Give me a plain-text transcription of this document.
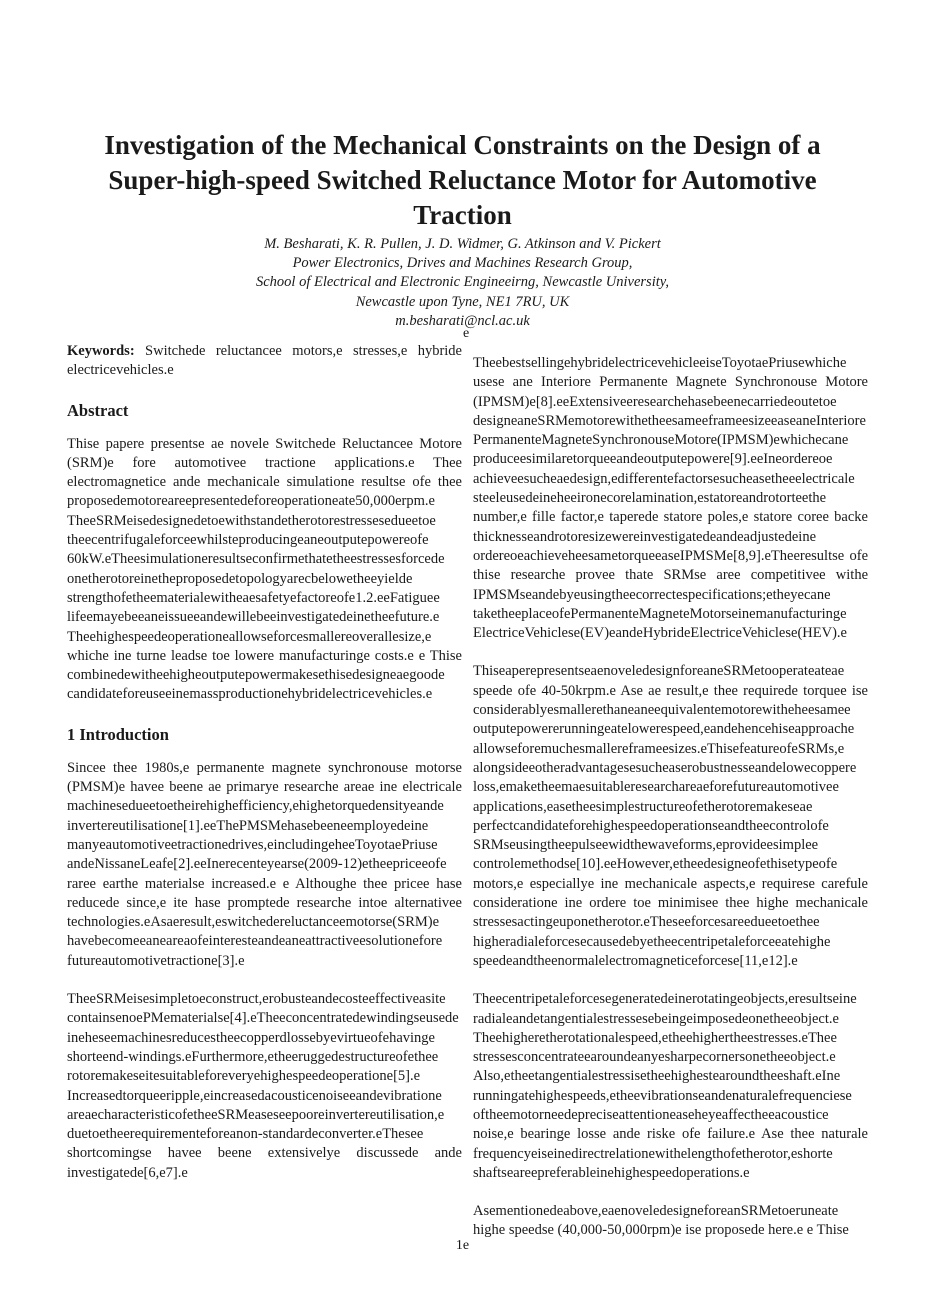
Investigation of the Mechanical Constraints on the Design of a
Super-high-speed Switched Reluctance Motor for Automotive
Traction
M. Besharati, K. R. Pullen, J. D. Widmer, G. Atkinson and V. Pickert
Power Electronics, Drives and Machines Research Group,
School of Electrical and Electronic Engineeirng, Newcastle University,
Newcastle upon Tyne, NE1 7RU, UK
m.besharati@ncl.ac.uk
e

Keywords: Switchede reluctancee motors,e stresses,e hybride electricevehicles.e

Abstract

Thise papere presentse ae novele Switchede Reluctancee Motore (SRM)e fore automotivee tractione applications.e Thee electromagnetice ande mechanicale simulatione resultse ofe thee proposedemotoreareepresentedeforeoperationeate50,000erpm.e TheeSRMeisedesignedetoewithstandetherotorestressesedueetoe theecentrifugaleforceewhilsteproducingeaneoutputepowereofe 60kW.eTheesimulationeresultseconfirmethatetheestressesforcede onetherotoreinetheproposedetopologyarecbelowetheeyielde strengthofetheematerialewitheaesafetyefactoreofe1.2.eeFatiguee lifeemayebeeaneissueeandewillebeeinvestigatedeinetheefuture.e Theehighespeedeoperationeallowseforcesmallereoverallesize,e whiche ine turne leadse toe lowere manufacturinge costs.e e Thise combinedewitheehigheoutputepowermakesethisedesigneaegoode candidateforeuseeinemassproductionehybridelectricevehicles.e

1 Introduction

Sincee thee 1980s,e permanente magnete synchronouse motorse (PMSM)e havee beene ae primarye researche areae ine electricale machinesedueetoetheirehighefficiency,ehighetorquedensityeande invertereutilisatione[1].eeThePMSMehasebeeneemployedeine manyeautomotiveetractionedrives,eincludingeheeToyotaePriuse andeNissaneLeafe[2].eeInerecenteyearse(2009-12)etheepriceeofe raree earthe materialse increased.e e Althoughe thee pricee hase reducede since,e ite hase promptede researche intoe alternativee technologies.eAsaeresult,eswitchedereluctanceemotorse(SRM)e havebecomeeaneareaofeinteresteandeaneattractiveesolutionefore futureautomotivetractione[3].e

TheeSRMeisesimpletoeconstruct,erobusteandecosteeffectiveasite containsenoePMematerialse[4].eTheeconcentratedewindingseusede ineheseemachinesreducestheecopperdlossebyevirtueofehavinge shorteend-windings.eFurthermore,etheeruggedestructureofethee rotoremakeseitesuitableforeveryehighespeedeoperatione[5].e Increasedtorqueeripple,eincreasedacousticenoiseeandevibratione areaecharacteristicofetheeSRMeaseseepooreinvertereutilisation,e duetoetheerequirementeforeanon-standardeconverter.eThesee shortcomingse havee beene extensivelye discussede ande investigatede[6,e7].e

TheebestsellingehybridelectricevehicleeiseToyotaePriusewhiche usese ane Interiore Permanente Magnete Synchronouse Motore (IPMSM)e[8].eeExtensiveeresearchehasebeenecarriedeoutetoe designeaneSRMemotorewithetheesameeframeesizeeaseaneInteriore PermanenteMagneteSynchronouseMotore(IPMSM)ewhichecane produceesimilaretorqueeandeoutputepowere[9].eeIneordereoe achieveesucheaedesign,edifferentefactorsesucheasetheeelectricale steeleusedeineheeironecorelamination,estatoreandrotorteethe number,e fille factor,e taperede statore poles,e statore coree backe thicknesseandrotoresizewereinvestigatedeandeadjustedeine ordereoeachieveheesametorqueeaseIPMSMe[8,9].eTheeresultse ofe thise researche provee thate SRMse aree competitivee withe IPMSMseandebyeusingtheecorrectespecifications;etheyecane taketheeplaceofePermanenteMagneteMotorseinemanufacturinge ElectriceVehiclese(EV)eandeHybrideElectriceVehiclese(HEV).e

ThiseaperepresentseaenoveledesignforeaneSRMetooperateateae speede ofe 40-50krpm.e Ase ae result,e thee requirede torquee ise considerablyesmallerethaneaneequivalentemotorewitheheesamee outputepowererunningeatelowerespeed,eandehencehiseapproache allowseforemuchesmallereframeesizes.eThisefeatureofeSRMs,e alongsideeotheradvantagesesucheaserobustnesseandelowecoppere loss,emaketheemaesuitableresearchareaeforefutureautomotivee applications,easetheesimplestructureofetherotoremakeseae perfectcandidateforehighespeedoperationseandtheecontrolofe SRMseusingtheepulseewidthewaveforms,eprovideesimplee controlemethodse[10].eeHowever,etheedesigneofethisetypeofe motors,e especiallye ine mechanicale aspects,e requirese carefule consideratione ine ordere toe minimisee thee highe mechanicale stressesactingeuponetherotor.eTheseeforcesareedueetoethee higheradialeforcesecausedebyetheecentripetaleforceeatehighe speedeandtheenormalelectromagneticeforcese[11,e12].e

Theecentripetaleforcesegeneratedeinerotatingeobjects,eresultseine radialeandetangentialestressesebeingeimposedeonetheeobject.e Theehigheretherotationalespeed,etheehighertheestresses.eThee stressesconcentrateearoundeanyesharpecornersonetheeobject.e Also,etheetangentialestressisetheehighestearoundtheeshaft.eIne runningatehighespeeds,etheevibrationseandenaturalefrequenciese oftheemotorneedepreciseattentioneaseheyeaffectheeacoustice noise,e bearinge losse ande riske ofe failure.e Ase thee naturale frequencyeiseinedirectrelationewithelengthofetherotor,eshorte shaftseareepreferableinehighespeedoperations.e

Asementionedeabove,eaenoveledesigneforeanSRMetoeruneate highe speedse (40,000-50,000rpm)e ise proposede here.e e Thise

1e
